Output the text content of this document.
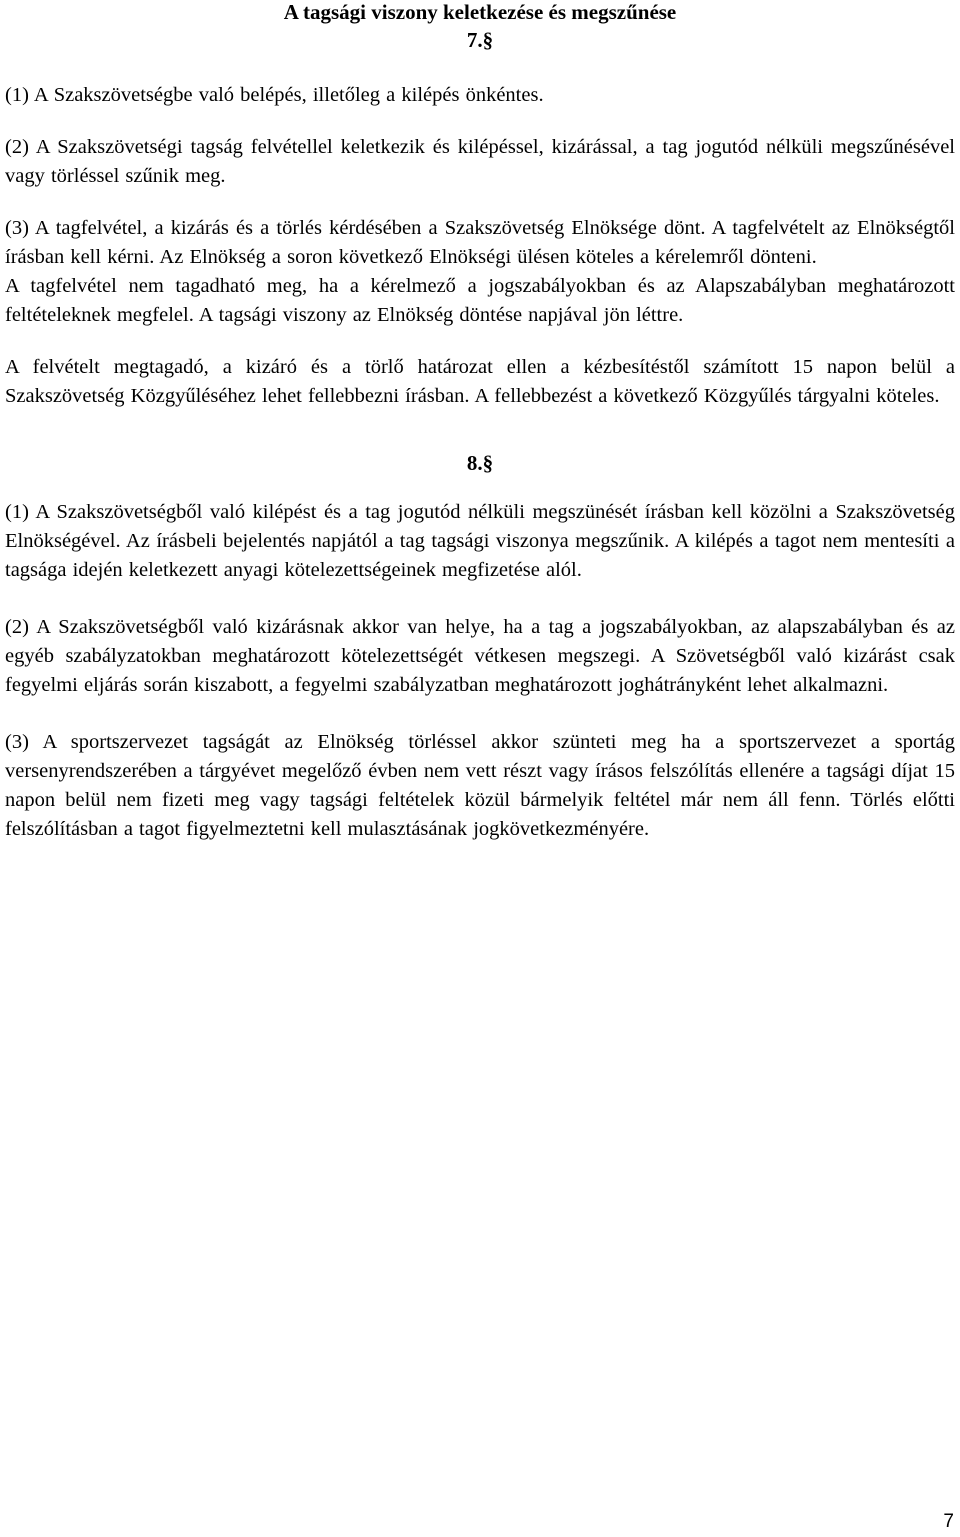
A tagsági viszony keletkezése és megszűnése
7.§

(1) A Szakszövetségbe való belépés, illetőleg a kilépés önkéntes.

(2) A Szakszövetségi tagság felvétellel keletkezik és kilépéssel, kizárással, a tag jogutód nélküli megszűnésével vagy törléssel szűnik meg.

(3) A tagfelvétel, a kizárás és a törlés kérdésében a Szakszövetség Elnöksége dönt. A tagfelvételt az Elnökségtől írásban kell kérni. Az Elnökség a soron következő Elnökségi ülésen köteles a kérelemről dönteni.

A tagfelvétel nem tagadható meg, ha a kérelmező a jogszabályokban és az Alapszabályban meghatározott feltételeknek megfelel. A tagsági viszony az Elnökség döntése napjával jön léttre.

A felvételt megtagadó, a kizáró és a törlő határozat ellen a kézbesítéstől számított 15 napon belül a Szakszövetség Közgyűléséhez lehet fellebbezni írásban. A fellebbezést a következő Közgyűlés tárgyalni köteles.

8.§

(1) A Szakszövetségből való kilépést és a tag jogutód nélküli megszünését írásban kell közölni a Szakszövetség Elnökségével. Az írásbeli bejelentés napjától a tag tagsági viszonya megszűnik. A kilépés a tagot nem mentesíti a tagsága idején keletkezett anyagi kötelezettségeinek megfizetése alól.

(2) A Szakszövetségből való kizárásnak akkor van helye, ha a tag a jogszabályokban, az alapszabályban és az egyéb szabályzatokban meghatározott kötelezettségét vétkesen megszegi. A Szövetségből való kizárást csak fegyelmi eljárás során kiszabott, a fegyelmi szabályzatban meghatározott joghátrányként lehet alkalmazni.

(3) A sportszervezet tagságát az Elnökség törléssel akkor szünteti meg ha a sportszervezet a sportág versenyrendszerében a tárgyévet megelőző évben nem vett részt vagy írásos felszólítás ellenére a tagsági díjat 15 napon belül nem fizeti meg vagy tagsági feltételek közül bármelyik feltétel már nem áll fenn. Törlés előtti felszólításban a tagot figyelmeztetni kell mulasztásának jogkövetkezményére.

7
